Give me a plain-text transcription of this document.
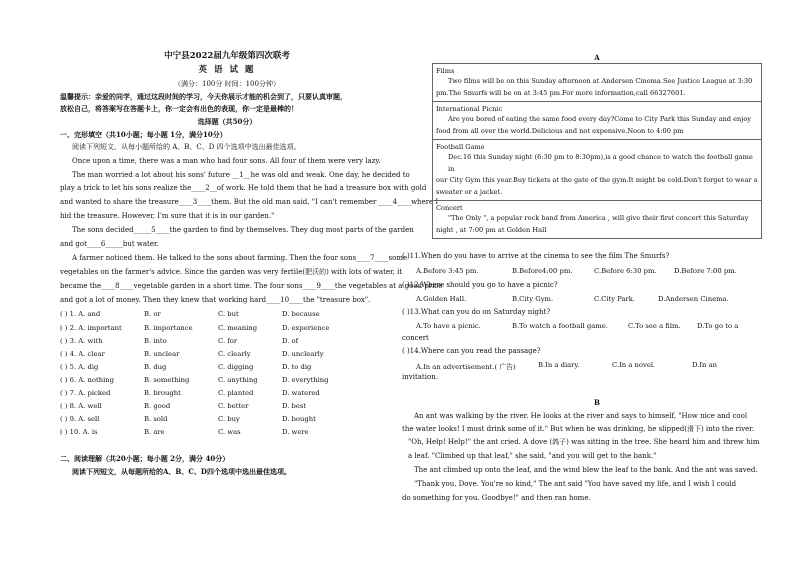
中宁县2022届九年级第四次联考
英 语 试 题
（满分：100分 时间：100分钟）
温馨提示：亲爱的同学，通过这段时间的学习，今天你展示才能的机会到了，只要认真审题，
放松自己，将答案写在答题卡上，你一定会有出色的表现，你一定是最棒的！
选择题（共50分）
一、完形填空（共10小题；每小题 1分，满分10分）
阅读下列短文，从每小题所给的 A、B、C、D 四个选项中选出最佳选项。
Once upon a time, there was a man who had four sons. All four of them were very lazy.
The man worried a lot about his sons' future __1__he was old and weak. One day, he decided to
play a trick to let his sons realize the____2__of work. He told them that he had a treasure box with gold
and wanted to share the treasure____3____them. But the old man said, "I can't remember ____4____where I
hid the treasure. However, I'm sure that it is in our garden."
The sons decided_____5____the garden to find by themselves. They dug most parts of the garden
and got____6_____but water.
A farmer noticed them. He talked to the sons about farming. Then the four sons____7____some
vegetables on the farmer's advice. Since the garden was very fertile(肥沃的) with lots of water, it
became the____8____vegetable garden in a short time. The four sons____9____the vegetables at a good price
and got a lot of money. Then they knew that working hard____10____the "treasure box".
( ) 1. A. and	B. or	C. but	D. because
( ) 2. A. important	B. importance	C. meaning	D. experience
( ) 3. A. with	B. into	C. for	D. of
( ) 4. A. clear	B. unclear	C. clearly	D. unclearly
( ) 5. A. dig	B. dug	C. digging	D. to dig
( ) 6. A. nothing	B. something	C. anything	D. everything
( ) 7. A. picked	B. brought	C. planted	D. watered
( ) 8. A. well	B. good	C. better	D. best
( ) 9. A. sell	B. sold	C. buy	D. bought
( ) 10. A. is	B. are	C. was	D. were
二、阅读理解（共20小题；每小题 2分，满分 40分）
阅读下列短文，从每题所给的A、B、C、D四个选项中选出最佳选项。
A
Films
Two films will be on this Sunday afternoon at Andersen Cinema.See Justice League at 3:30
pm.The Smurfs will be on at 3:45 pm.For more information,call 66327601.

International Picnic
Are you bored of eating the same food every day?Come to City Park this Sunday and enjoy
food from all over the world.Delicious and not expensive.Noon to 4:00 pm

Football Game
Dec.16 this Sunday night (6:30 pm to 8:30pm),is a good chance to watch the football game in
our City Gym this year.Buy tickets at the gate of the gym.It might be cold.Don't forget to wear a
sweater or a jacket.

Concert
"The Only ", a popular rock band from America , will give their first concert this Saturday
night , at 7:00 pm at Golden Hall
( )11.When do you have to arrive at the cinema to see the film The Smurfs?
A.Before 3:45 pm.	B.Before4:00 pm.	C.Before 6:30 pm.	D.Before 7:00 pm.
( )12.Where should you go to have a picnic?
A.Golden Hall.	B.City Gym.	C.City Park.	D.Andersen Cinema.
( )13.What can you do on Saturday night?
A.To have a picnic.	B.To watch a football game.	C.To see a film. D.To go to a
concert
( )14.Where can you read the passage?
A.In an advertisement.( 广告)	B.In a diary.	C.In a novel.	D.In an
invitation.
B
An ant was walking by the river. He looks at the river and says to himself, "How nice and cool
the water looks! I must drink some of it." But when he was drinking, he slipped(滑下) into the river.
"Oh, Help! Help!" the ant cried. A dove (鸽子) was sitting in the tree. She heard him and threw him
a leaf. "Climbed up that leaf," she said, "and you will get to the bank."
The ant climbed up onto the leaf, and the wind blew the leaf to the bank. And the ant was saved.
"Thank you, Dove. You're so kind," The ant said "You have saved my life, and I wish I could
do something for you. Goodbye!" and then ran home.
